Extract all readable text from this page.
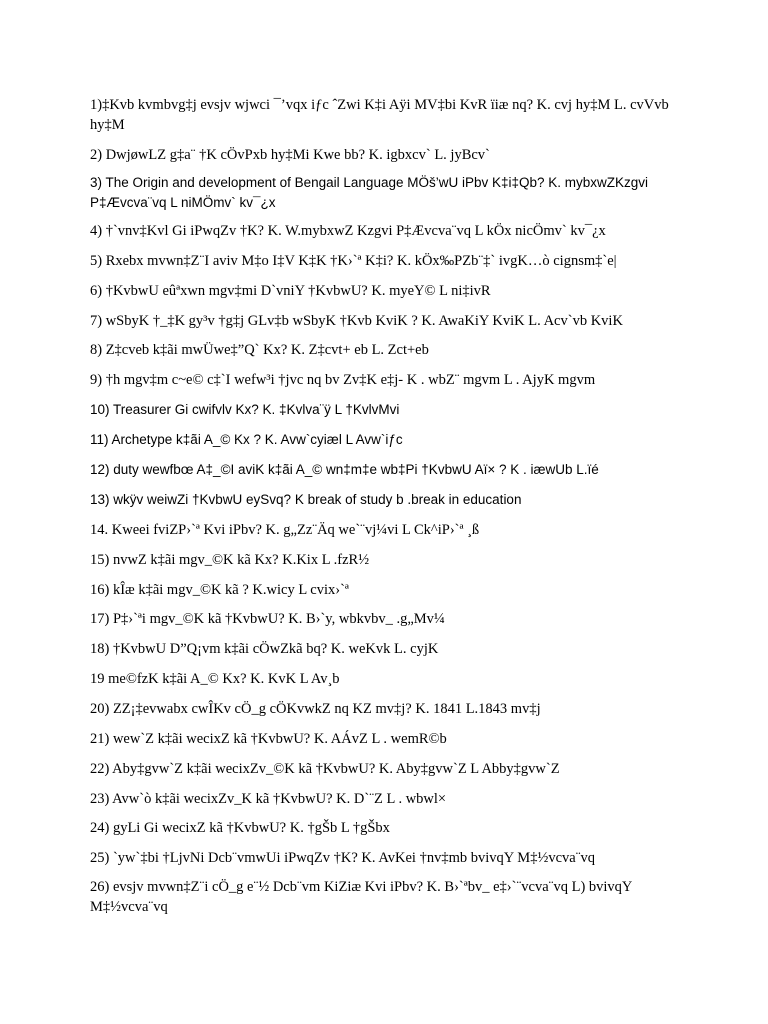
1)‡Kvb kvmbvg‡j evsjv wjwci ¯’vqx iƒc ˆZwi K‡i Aÿi MV‡bi KvR ïiæ nq? K. cvj hy‡M L. cvVvb hy‡M
2) DwjøwLZ g‡a¨ †K cÖvPxb hy‡Mi Kwe bb? K. igbxcv` L. jyBcv`
3) The Origin and development of Bengail Language MÖš’wU iPbv K‡i‡Qb? K. mybxwZKzgvi P‡Ævcva¨vq L niMÖmv` kv¯¿x
4) †`vnv‡Kvl Gi iPwqZv †K? K. W.mybxwZ Kzgvi P‡Ævcva¨vq L kÖx nicÖmv` kv¯¿x
5) Rxebx mvwn‡Z¨I aviv M‡o I‡V K‡K †K›`ª K‡i? K. kÖx‰PZb¨‡` ivgK…ò cignsm‡`e|
6) †KvbwU eûªxwn mgv‡mi D`vniY †KvbwU? K. myeY© L ni‡ivR
7) wSbyK †_‡K gy³v †g‡j GLv‡b wSbyK †Kvb KviK ? K. AwaKiY KviK L. Acv`vb KviK
8) Z‡cveb k‡ãi mwÜwe‡”Q` Kx? K. Z‡cvt+ eb L. Zct+eb
9) †h mgv‡m c~e© c‡`I wefw³i †jvc nq bv Zv‡K e‡j- K . wbZ¨ mgvm L . AjyK mgvm
10) Treasurer Gi cwifvlv Kx? K. ‡Kvlva¨ÿ L †KvlvMvi
11) Archetype k‡ãi A_© Kx ? K. Avw`cyiæl L Avw`iƒc
12) duty wewfbœ A‡_©I aviK k‡ãi A_© wn‡m‡e wb‡Pi †KvbwU Aï× ? K . iæwUb L.ïé
13) wkÿv weiwZi †KvbwU eySvq? K break of study b .break in education
14. Kweei fviZP›`ª Kvi iPbv? K. g„Zz¨Äq we`¨vj¼vi L Ck^iP›`ª ¸ß
15) nvwZ k‡ãi mgv_©K kã Kx? K.Kix L .fzR½
16) kÎæ k‡ãi mgv_©K kã ? K.wicy L cvix›`ª
17) P‡›`ªi mgv_©K kã †KvbwU? K. B›`y, wbkvbv_ .g„Mv¼
18) †KvbwU D”Q¡vm k‡ãi cÖwZkã bq? K. weKvk L. cyjK
19 me©fzK k‡ãi A_© Kx? K. KvK L Av¸b
20) ZZ¡‡evwabx cwÎKv cÖ_g cÖKvwkZ nq KZ mv‡j? K. 1841 L.1843 mv‡j
21) wew`Z k‡ãi wecixZ kã †KvbwU? K. AÁvZ L . wemR©b
22) Aby‡gvw`Z k‡ãi wecixZv_©K kã †KvbwU? K. Aby‡gvw`Z L Abby‡gvw`Z
23) Avw`ò k‡ãi wecixZv_K kã †KvbwU? K. D`¨Z L . wbwl×
24) gyLi Gi wecixZ kã †KvbwU? K. †gŠb L †gŠbx
25) `yw`‡bi †LjvNi Dcb¨vmwUi iPwqZv †K? K. AvKei †nv‡mb bvivqY M‡½vcva¨vq
26) evsjv mvwn‡Z¨i cÖ_g e¨½ Dcb¨vm KiZiæ Kvi iPbv? K. B›`ªbv_ e‡›`¨vcva¨vq L) bvivqY M‡½vcva¨vq
